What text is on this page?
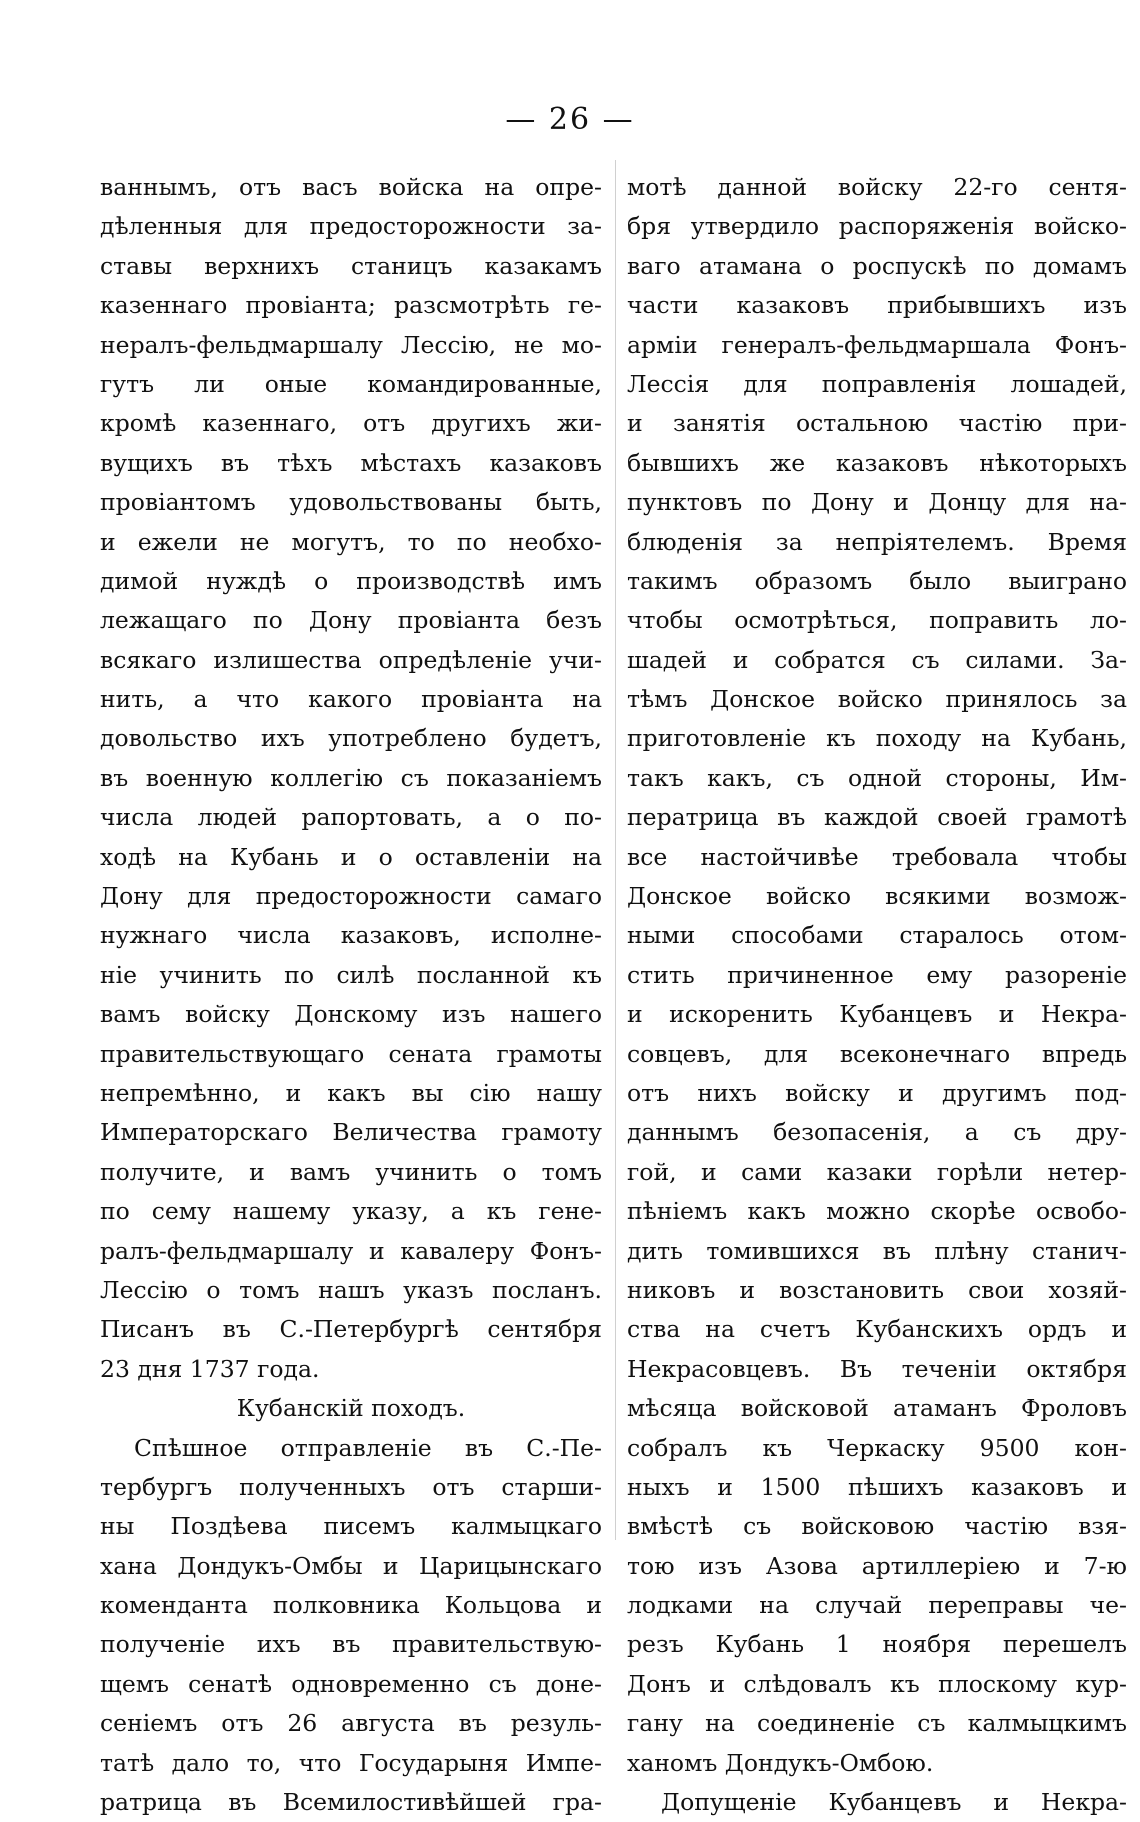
— 26 —
ваннымъ, отъ васъ войска на опре-
дѣленныя для предосторожности за-
ставы верхнихъ станицъ казакамъ
казеннаго провіанта; разсмотрѣть ге-
нералъ-фельдмаршалу Лессію, не мо-
гутъ ли оные командированные,
кромѣ казеннаго, отъ другихъ жи-
вущихъ въ тѣхъ мѣстахъ казаковъ
провіантомъ удовольствованы быть,
и ежели не могутъ, то по необхо-
димой нуждѣ о производствѣ имъ
лежащаго по Дону провіанта безъ
всякаго излишества опредѣленіе учи-
нить, а что какого провіанта на
довольство ихъ употреблено будетъ,
въ военную коллегію съ показаніемъ
числа людей рапортовать, а о по-
ходѣ на Кубань и о оставленіи на
Дону для предосторожности самаго
нужнаго числа казаковъ, исполне-
ніе учинить по силѣ посланной къ
вамъ войску Донскому изъ нашего
правительствующаго сената грамоты
непремѣнно, и какъ вы сію нашу
Императорскаго Величества грамоту
получите, и вамъ учинить о томъ
по сему нашему указу, а къ гене-
ралъ-фельдмаршалу и кавалеру Фонъ-
Лессію о томъ нашъ указъ посланъ.
Писанъ въ С.-Петербургѣ сентября
23 дня 1737 года.
Кубанскій походъ.
Спѣшное отправленіе въ С.-Пе-
тербургъ полученныхъ отъ старши-
ны Поздѣева писемъ калмыцкаго
хана Дондукъ-Омбы и Царицынскаго
коменданта полковника Кольцова и
полученіе ихъ въ правительствую-
щемъ сенатѣ одновременно съ доне-
сеніемъ отъ 26 августа въ резуль-
татѣ дало то, что Государыня Импе-
ратрица въ Всемилостивѣйшей гра-
мотѣ данной войску 22-го сентя-
бря утвердило распоряженія войско-
ваго атамана о роспускѣ по домамъ
части казаковъ прибывшихъ изъ
арміи генералъ-фельдмаршала Фонъ-
Лессія для поправленія лошадей,
и занятія остальною частію при-
бывшихъ же казаковъ нѣкоторыхъ
пунктовъ по Дону и Донцу для на-
блюденія за непріятелемъ. Время
такимъ образомъ было выиграно
чтобы осмотрѣться, поправить ло-
шадей и собратся съ силами. За-
тѣмъ Донское войско принялось за
приготовленіе къ походу на Кубань,
такъ какъ, съ одной стороны, Им-
ператрица въ каждой своей грамотѣ
все настойчивѣе требовала чтобы
Донское войско всякими возмож-
ными способами старалось отом-
стить причиненное ему разореніе
и искоренить Кубанцевъ и Некра-
совцевъ, для всеконечнаго впредь
отъ нихъ войску и другимъ под-
даннымъ безопасенія, а съ дру-
гой, и сами казаки горѣли нетер-
пѣніемъ какъ можно скорѣе освобо-
дить томившихся въ плѣну станич-
никовъ и возстановить свои хозяй-
ства на счетъ Кубанскихъ ордъ и
Некрасовцевъ. Въ теченіи октября
мѣсяца войсковой атаманъ Фроловъ
собралъ къ Черкаску 9500 кон-
ныхъ и 1500 пѣшихъ казаковъ и
вмѣстѣ съ войсковою частію взя-
тою изъ Азова артиллеріею и 7-ю
лодками на случай переправы че-
резъ Кубань 1 ноября перешелъ
Донъ и слѣдовалъ къ плоскому кур-
гану на соединеніе съ калмыцкимъ
ханомъ Дондукъ-Омбою.
Допущеніе Кубанцевъ и Некра-
